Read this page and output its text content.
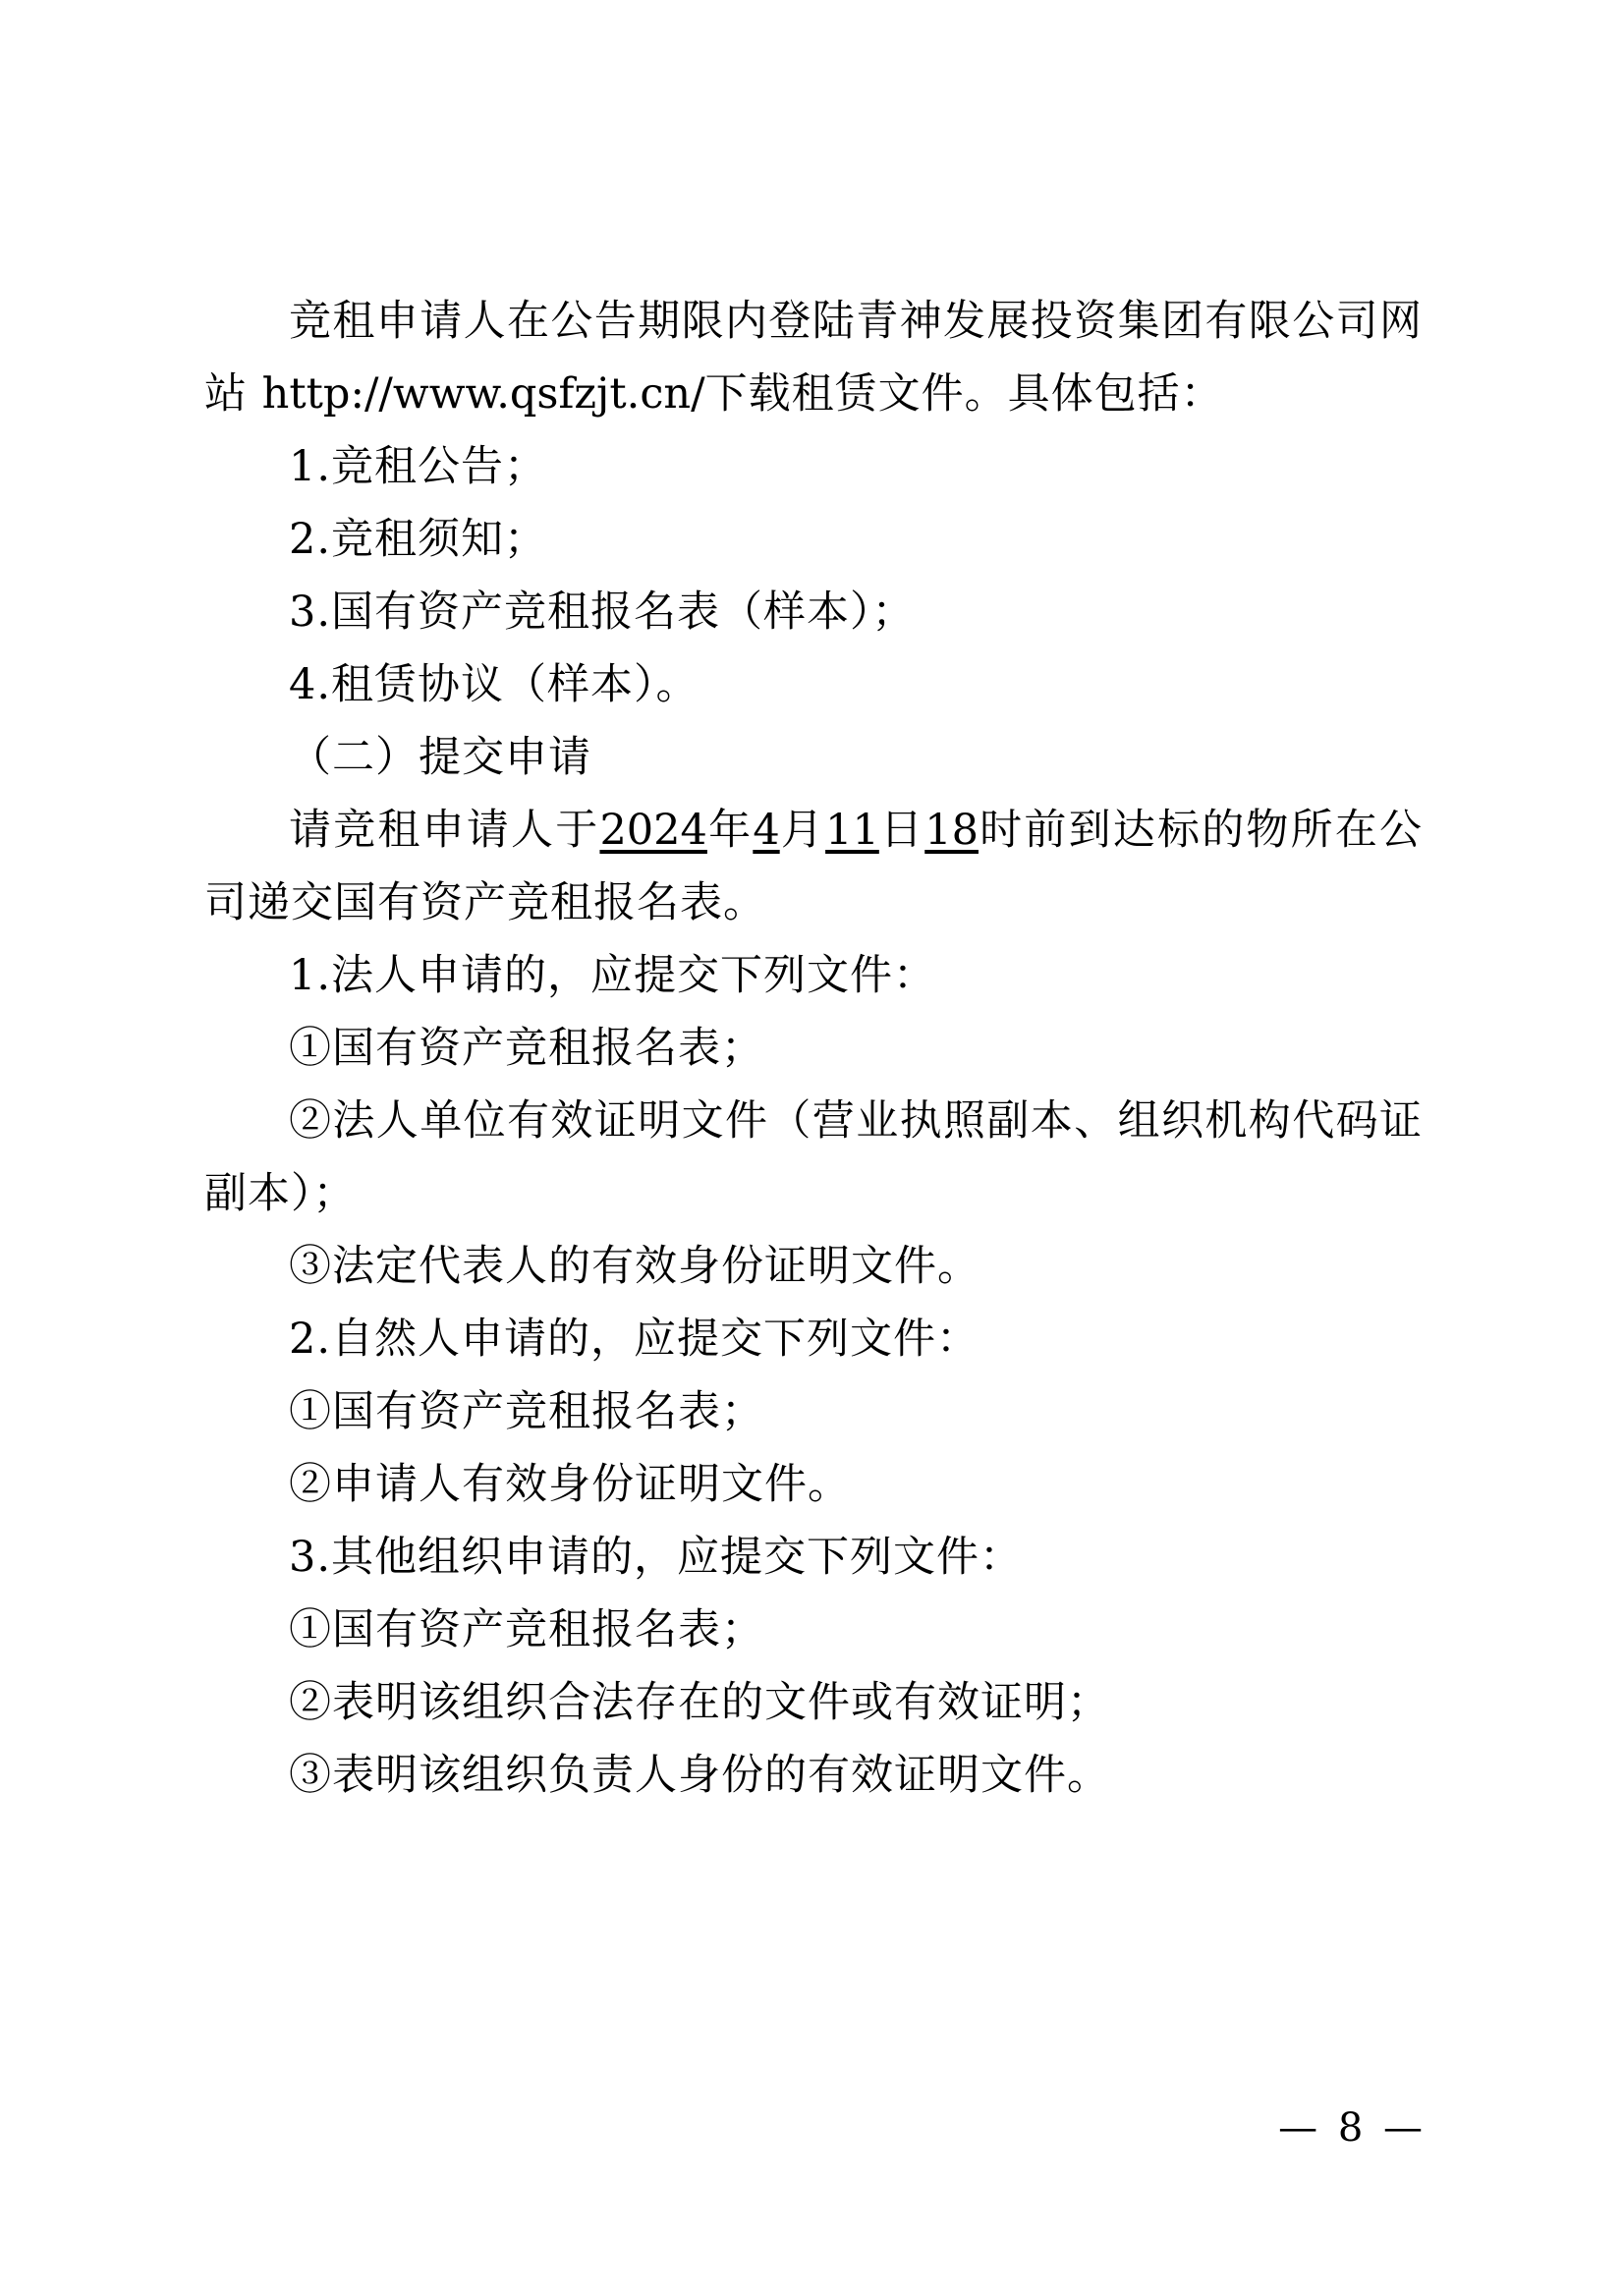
竞租申请人在公告期限内登陆青神发展投资集团有限公司网站 http://www.qsfzjt.cn/下载租赁文件。具体包括：
1.竞租公告；
2.竞租须知；
3.国有资产竞租报名表（样本）；
4.租赁协议（样本）。
（二）提交申请
请竞租申请人于2024年4月11日18时前到达标的物所在公司递交国有资产竞租报名表。
1.法人申请的，应提交下列文件：
①国有资产竞租报名表；
②法人单位有效证明文件（营业执照副本、组织机构代码证副本）；
③法定代表人的有效身份证明文件。
2.自然人申请的，应提交下列文件：
①国有资产竞租报名表；
②申请人有效身份证明文件。
3.其他组织申请的，应提交下列文件：
①国有资产竞租报名表；
②表明该组织合法存在的文件或有效证明；
③表明该组织负责人身份的有效证明文件。
— 8 —
